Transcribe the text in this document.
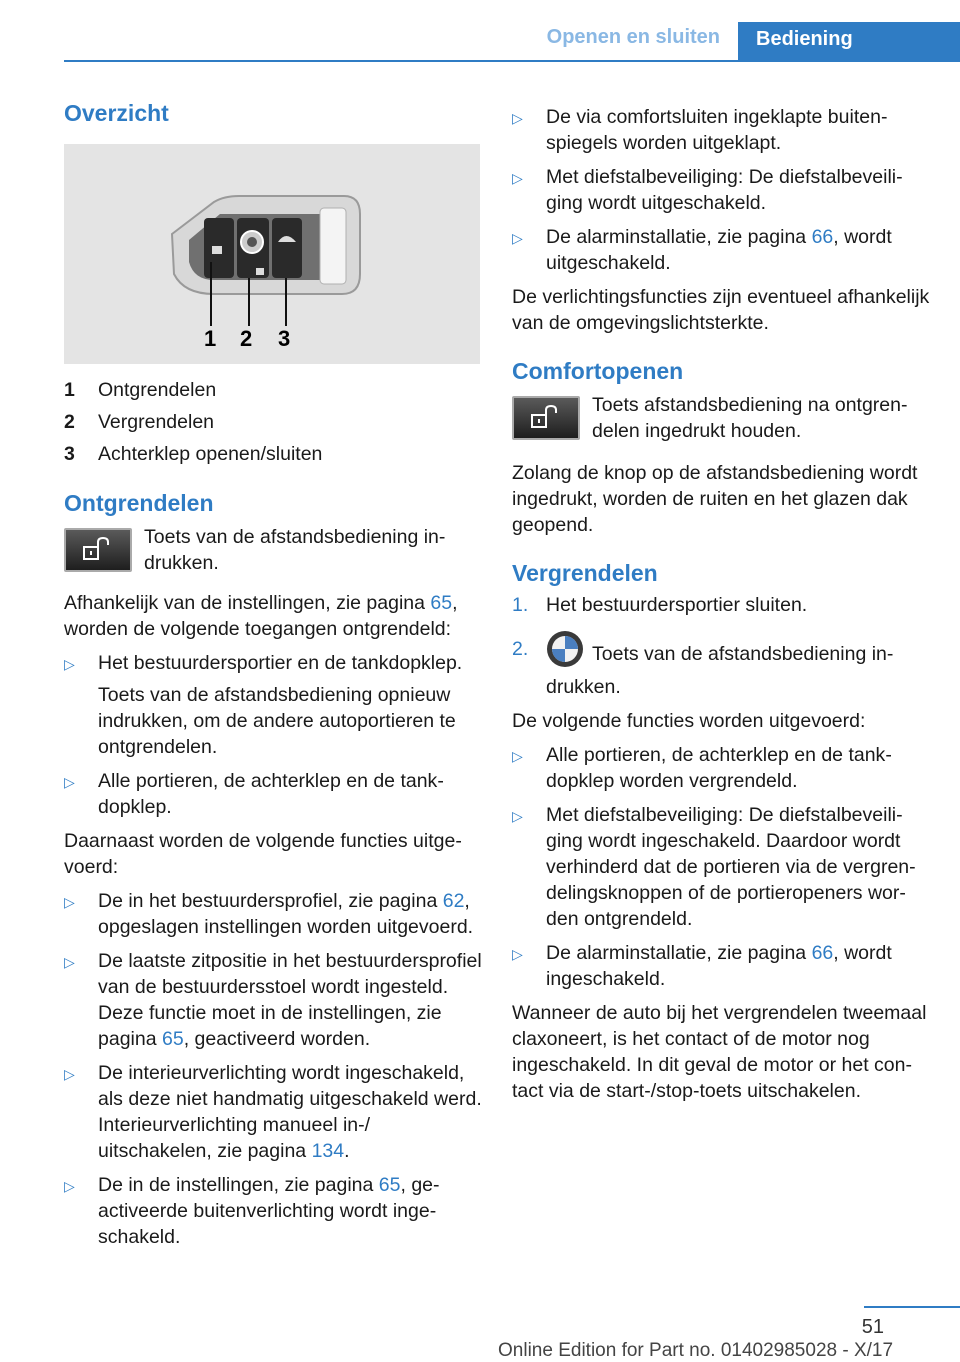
Openen en sluiten	Bediening
Overzicht
1 2 3
1	Ontgrendelen
2	Vergrendelen
3	Achterklep openen/sluiten
Ontgrendelen
Toets van de afstandsbediening indrukken.

Afhankelijk van de instellingen, zie pagina 65, worden de volgende toegangen ontgrendeld:

▷	Het bestuurdersportier en de tankdopklep.
Toets van de afstandsbediening opnieuw indrukken, om de andere autoportieren te ontgrendelen.
▷	Alle portieren, de achterklep en de tankdopklep.

Daarnaast worden de volgende functies uitgevoerd:

▷	De in het bestuurdersprofiel, zie pagina 62, opgeslagen instellingen worden uitgevoerd.
▷	De laatste zitpositie in het bestuurdersprofiel van de bestuurdersstoel wordt ingesteld. Deze functie moet in de instellingen, zie pagina 65, geactiveerd worden.
▷	De interieurverlichting wordt ingeschakeld, als deze niet handmatig uitgeschakeld werd. Interieurverlichting manueel in-/ uitschakelen, zie pagina 134.
▷	De in de instellingen, zie pagina 65, geactiveerde buitenverlichting wordt ingeschakeld.
▷	De via comfortsluiten ingeklapte buitenspiegels worden uitgeklapt.
▷	Met diefstalbeveiliging: De diefstalbeveiliging wordt uitgeschakeld.
▷	De alarminstallatie, zie pagina 66, wordt uitgeschakeld.

De verlichtingsfuncties zijn eventueel afhankelijk van de omgevingslichtsterkte.

Comfortopenen
Toets afstandsbediening na ontgrendelen ingedrukt houden.

Zolang de knop op de afstandsbediening wordt ingedrukt, worden de ruiten en het glazen dak geopend.

Vergrendelen
1. Het bestuurdersportier sluiten.
2.	Toets van de afstandsbediening indrukken.

De volgende functies worden uitgevoerd:

▷	Alle portieren, de achterklep en de tankdopklep worden vergrendeld.
▷	Met diefstalbeveiliging: De diefstalbeveiliging wordt ingeschakeld. Daardoor wordt verhinderd dat de portieren via de vergrendelingsknoppen of de portieropeners worden ontgrendeld.
▷	De alarminstallatie, zie pagina 66, wordt ingeschakeld.

Wanneer de auto bij het vergrendelen tweemaal claxoneert, is het contact of de motor nog ingeschakeld. In dit geval de motor or het contact via de start-/stop-toets uitschakelen.

51
Online Edition for Part no. 01402985028 - X/17
